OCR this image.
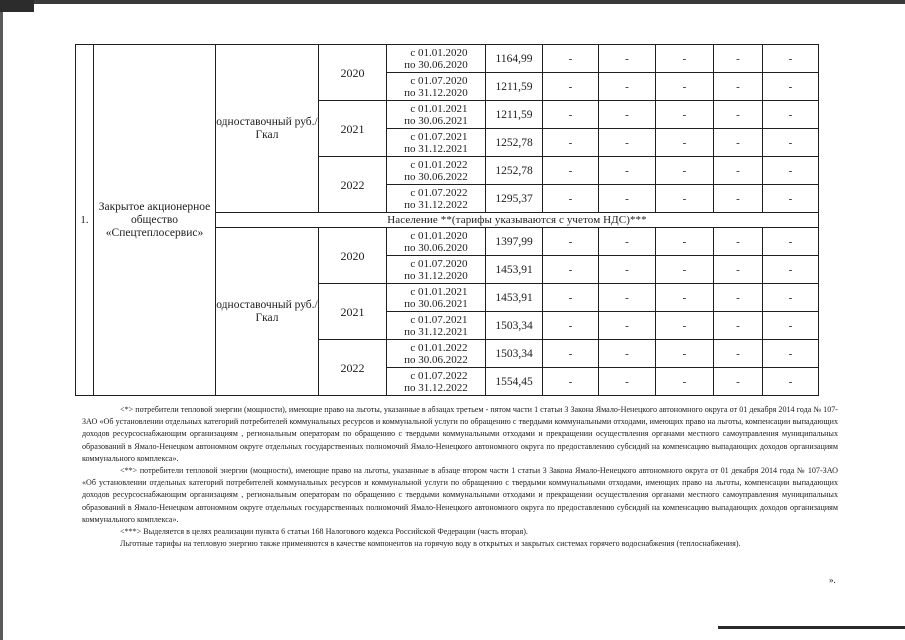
1.	Закрытое акционерное общество «Спецтеплосервис»	одноставочный руб./Гкал	2020	с 01.01.2020
по 30.06.2020	1164,99	-	-	-	-	-

				с 01.07.2020
по 31.12.2020	1211,59	-	-	-	-	-
			2021	с 01.01.2021
по 30.06.2021	1211,59	-	-	-	-	-

				с 01.07.2021
по 31.12.2021	1252,78	-	-	-	-	-
			2022	с 01.01.2022
по 30.06.2022	1252,78	-	-	-	-	-

				с 01.07.2022
по 31.12.2022	1295,37	-	-	-	-	-
		Население **(тарифы указываются с учетом НДС)***								
		одноставочный руб./Гкал	2020	с 01.01.2020
по 30.06.2020	1397,99	-	-	-	-	-

				с 01.07.2020
по 31.12.2020	1453,91	-	-	-	-	-
			2021	с 01.01.2021
по 30.06.2021	1453,91	-	-	-	-	-

				с 01.07.2021
по 31.12.2021	1503,34	-	-	-	-	-
			2022	с 01.01.2022
по 30.06.2022	1503,34	-	-	-	-	-

				с 01.07.2022
по 31.12.2022	1554,45	-	-	-	-	-

<*> потребители тепловой энергии (мощности), имеющие право на льготы, указанные в абзацах третьем - пятом части 1 статьи 3 Закона Ямало-Ненецкого автономного округа от 01 декабря 2014 года № 107-ЗАО «Об установлении отдельных категорий потребителей коммунальных ресурсов и коммунальной услуги по обращению с твердыми коммунальными отходами, имеющих право на льготы, компенсации выпадающих доходов ресурсоснабжающим организациям , региональным операторам по обращению с твердыми коммунальными отходами и прекращении осуществления органами местного самоуправления муниципальных образований в Ямало-Ненецком автономном округе отдельных государственных полномочий Ямало-Ненецкого автономного округа по предоставлению субсидий на компенсацию выпадающих доходов организациям коммунального комплекса».

<**> потребители тепловой энергии (мощности), имеющие право на льготы, указанные в абзаце втором части 1 статьи 3 Закона Ямало-Ненецкого автономного округа от 01 декабря 2014 года № 107-ЗАО «Об установлении отдельных категорий потребителей коммунальных ресурсов и коммунальной услуги по обращению с твердыми коммунальными отходами, имеющих право на льготы, компенсации выпадающих доходов ресурсоснабжающим организациям , региональным операторам по обращению с твердыми коммунальными отходами и прекращении осуществления органами местного самоуправления муниципальных образований в Ямало-Ненецком автономном округе отдельных государственных полномочий Ямало-Ненецкого автономного округа по предоставлению субсидий на компенсацию выпадающих доходов организациям коммунального комплекса».

<***> Выделяется в целях реализации пункта 6 статьи 168 Налогового кодекса Российской Федерации (часть вторая).

Льготные тарифы на тепловую энергию также применяются в качестве компонентов на горячую воду в открытых и закрытых системах горячего водоснабжения (теплоснабжения).

».
